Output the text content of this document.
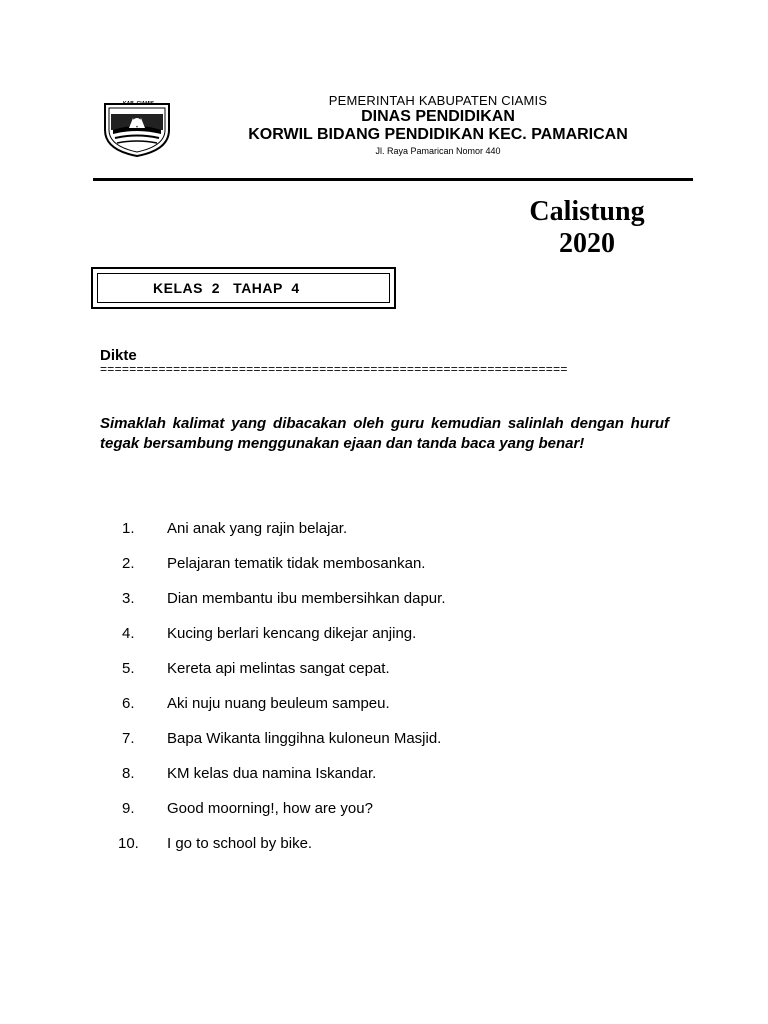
KAB. CIAMIS	PEMERINTAH KABUPATEN CIAMIS
DINAS PENDIDIKAN
KORWIL BIDANG PENDIDIKAN KEC. PAMARICAN
Jl. Raya Pamarican Nomor 440
Calistung
2020
KELAS  2   TAHAP  4
Dikte
================================================================
Simaklah kalimat yang dibacakan oleh guru kemudian salinlah dengan huruf tegak bersambung menggunakan ejaan dan tanda baca yang benar!
1. Ani anak yang rajin belajar.
2. Pelajaran tematik tidak membosankan.
3. Dian membantu ibu membersihkan dapur.
4. Kucing berlari kencang dikejar anjing.
5. Kereta api melintas sangat cepat.
6. Aki nuju nuang beuleum sampeu.
7. Bapa Wikanta linggihna kuloneun Masjid.
8. KM kelas dua namina Iskandar.
9. Good moorning!, how are you?
10. I go to school by bike.
